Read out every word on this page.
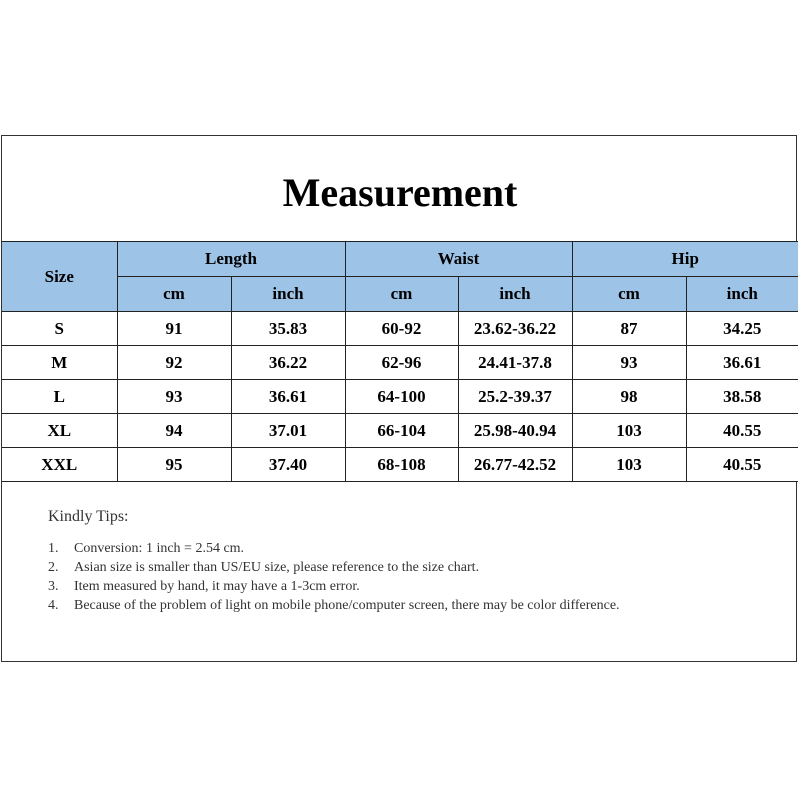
Measurement
Size	Length		Waist		Hip	
	cm	inch	cm	inch	cm	inch
S	91	35.83	60-92	23.62-36.22	87	34.25
M	92	36.22	62-96	24.41-37.8	93	36.61
L	93	36.61	64-100	25.2-39.37	98	38.58
XL	94	37.01	66-104	25.98-40.94	103	40.55
XXL	95	37.40	68-108	26.77-42.52	103	40.55
Kindly Tips:
1.	Conversion: 1 inch = 2.54 cm.
2.	Asian size is smaller than US/EU size, please reference to the size chart.
3.	Item measured by hand, it may have a 1-3cm error.
4.	Because of the problem of light on mobile phone/computer screen, there may be color difference.
